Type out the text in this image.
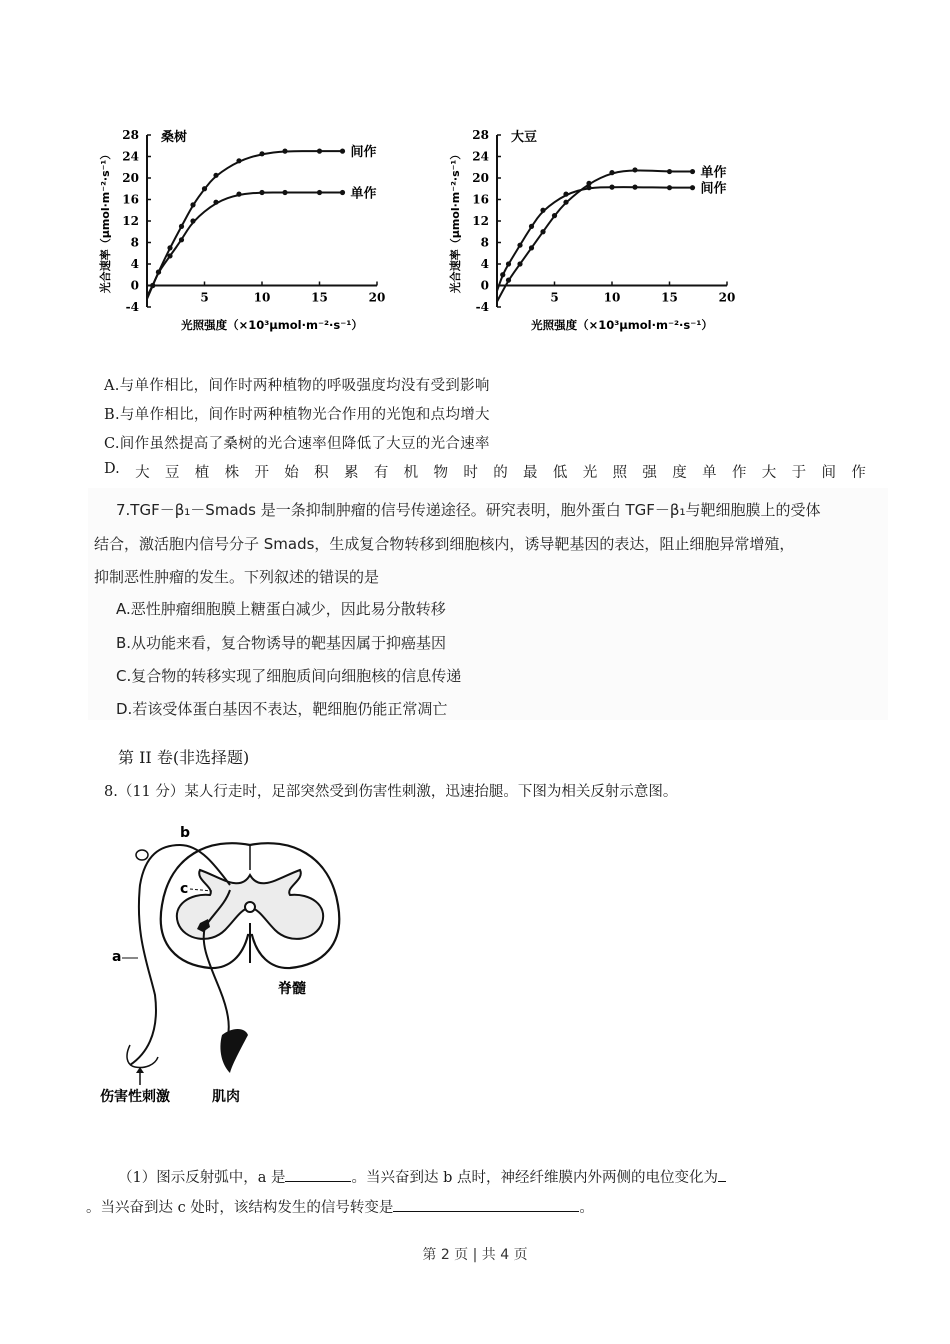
28
24
20
16
12
8
4
0
-4
5	10	15	20
桑树
光合速率（μmol·m⁻²·s⁻¹）
光照强度（×10³μmol·m⁻²·s⁻¹）
间作
单作
28
24
20
16
12
8
4
0
-4
5	10	15	20
大豆
光合速率（μmol·m⁻²·s⁻¹）
光照强度（×10³μmol·m⁻²·s⁻¹）
单作
间作
A.与单作相比，间作时两种植物的呼吸强度均没有受到影响
B.与单作相比，间作时两种植物光合作用的光饱和点均增大
C.间作虽然提高了桑树的光合速率但降低了大豆的光合速率
D. 大 豆 植 株 开 始 积 累 有 机 物 时 的 最 低 光 照 强 度 单 作 大 于 间 作
7.TGF－β₁－Smads 是一条抑制肿瘤的信号传递途径。研究表明，胞外蛋白 TGF－β₁与靶细胞膜上的受体
结合，激活胞内信号分子 Smads，生成复合物转移到细胞核内，诱导靶基因的表达，阻止细胞异常增殖，
抑制恶性肿瘤的发生。下列叙述的错误的是
A.恶性肿瘤细胞膜上糖蛋白减少，因此易分散转移
B.从功能来看，复合物诱导的靶基因属于抑癌基因
C.复合物的转移实现了细胞质间向细胞核的信息传递
D.若该受体蛋白基因不表达，靶细胞仍能正常凋亡
第 II 卷(非选择题)
8.（11 分）某人行走时，足部突然受到伤害性刺激，迅速抬腿。下图为相关反射示意图。
b
c
a
脊髓
伤害性刺激	肌肉
（1）图示反射弧中，a 是	。当兴奋到达 b 点时，神经纤维膜内外两侧的电位变化为
。当兴奋到达 c 处时，该结构发生的信号转变是	。
第 2 页 | 共 4 页
